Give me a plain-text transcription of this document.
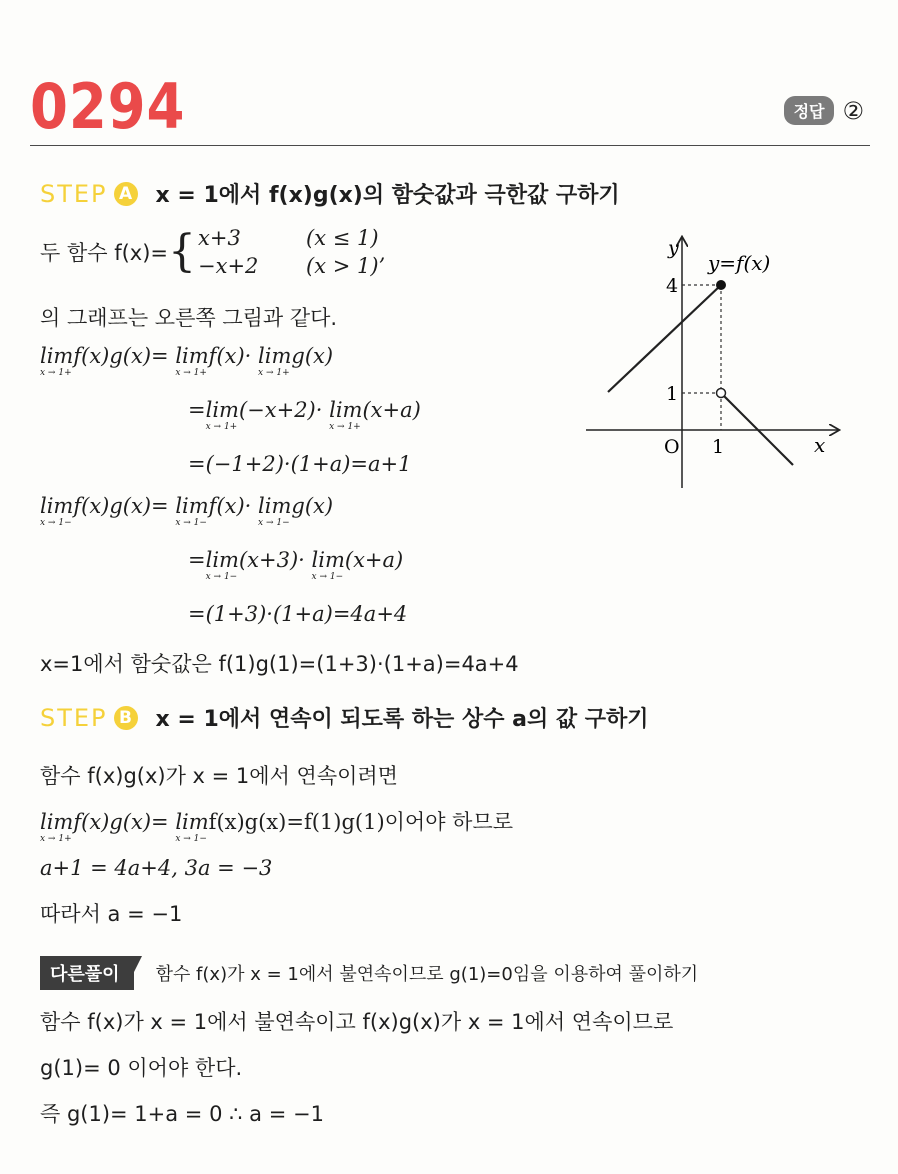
0294	정답 ②
STEP A x = 1에서 f(x)g(x)의 함숫값과 극한값 구하기
두 함수 f(x)= { x+3	(x ≤ 1)
−x+2	(x > 1)’
의 그래프는 오른쪽 그림과 같다.
lim
x → 1+
f(x)g(x)= lim
x → 1+
f(x)· lim
x → 1+
g(x)
=lim
x → 1+
(−x+2)· lim
x → 1+
(x+a)
=(−1+2)·(1+a)=a+1
lim
x → 1−
f(x)g(x)= lim
x → 1−
f(x)· lim
x → 1−
g(x)
=lim
x → 1−
(x+3)· lim
x → 1−
(x+a)
=(1+3)·(1+a)=4a+4
x=1에서 함숫값은 f(1)g(1)=(1+3)·(1+a)=4a+4
STEP B x = 1에서 연속이 되도록 하는 상수 a의 값 구하기
함수 f(x)g(x)가 x = 1에서 연속이려면
lim
x → 1+
f(x)g(x)= lim
x → 1−
f(x)g(x)=f(1)g(1)이어야 하므로
a+1 = 4a+4, 3a = −3
따라서 a = −1
다른풀이	함수 f(x)가 x = 1에서 불연속이므로 g(1)=0임을 이용하여 풀이하기
함수 f(x)가 x = 1에서 불연속이고 f(x)g(x)가 x = 1에서 연속이므로
g(1)= 0 이어야 한다.
즉 g(1)= 1+a = 0 ∴ a = −1
y
x
O 1
4
1
y=f(x)
